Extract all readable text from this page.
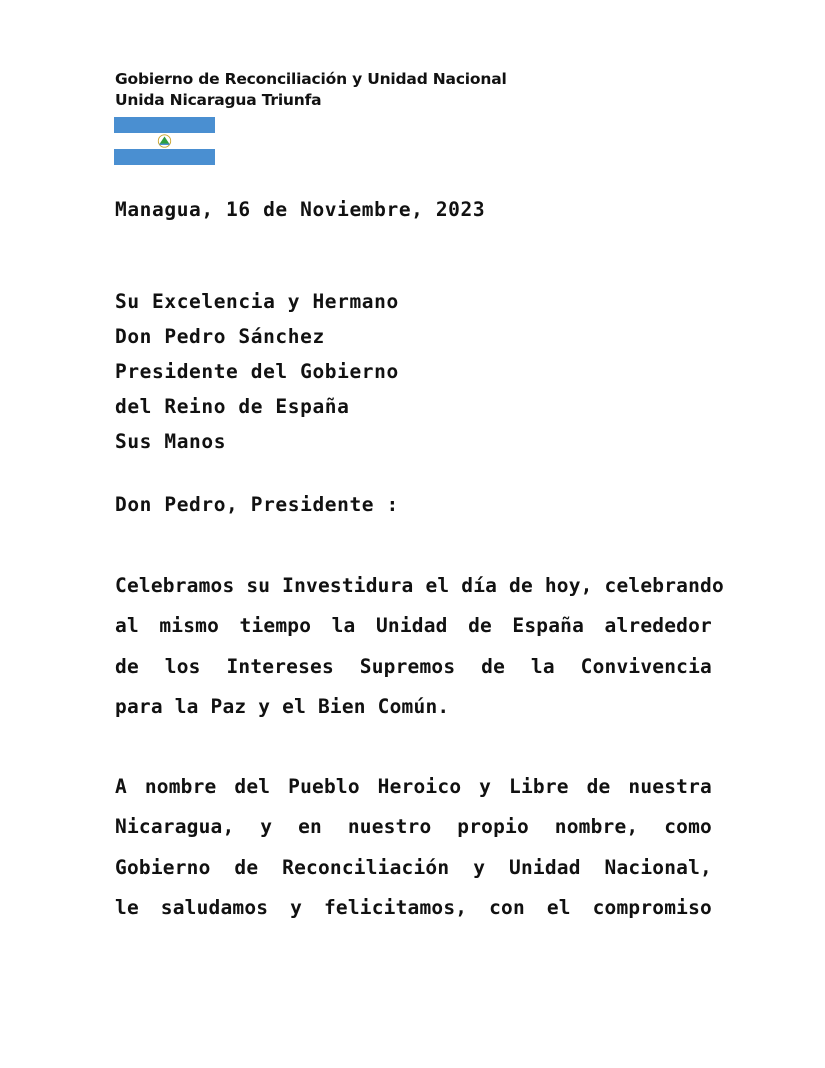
Gobierno de Reconciliación y Unidad Nacional
Unida Nicaragua Triunfa
Managua, 16 de Noviembre, 2023
Su Excelencia y Hermano
Don Pedro Sánchez
Presidente del Gobierno
del Reino de España
Sus Manos
Don Pedro, Presidente :
Celebramos su Investidura el día de hoy, celebrando
al mismo tiempo la Unidad de España alrededor
de los Intereses Supremos de la Convivencia
para la Paz y el Bien Común.
A nombre del Pueblo Heroico y Libre de nuestra
Nicaragua, y en nuestro propio nombre, como
Gobierno de Reconciliación y Unidad Nacional,
le saludamos y felicitamos, con el compromiso
